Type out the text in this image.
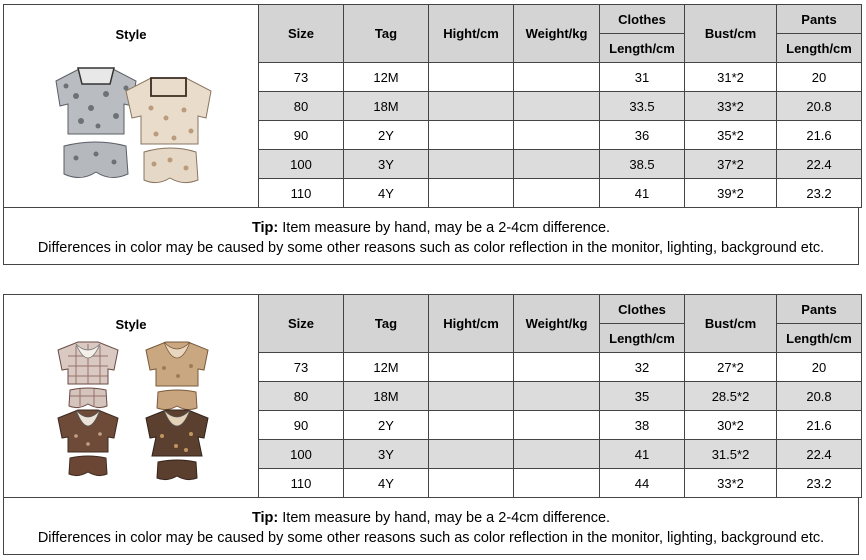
Style	Size	Tag	Hight/cm	Weight/kg	Clothes	Bust/cm	Pants
					Length/cm		Length/cm
	73	12M			31	31*2	20
	80	18M			33.5	33*2	20.8
	90	2Y			36	35*2	21.6
	100	3Y			38.5	37*2	22.4
	110	4Y			41	39*2	23.2
Tip: Item measure by hand, may be a 2-4cm difference.
Differences in color may be caused by some other reasons such as color reflection in the monitor, lighting, background etc.
Style	Size	Tag	Hight/cm	Weight/kg	Clothes	Bust/cm	Pants
					Length/cm		Length/cm
	73	12M			32	27*2	20
	80	18M			35	28.5*2	20.8
	90	2Y			38	30*2	21.6
	100	3Y			41	31.5*2	22.4
	110	4Y			44	33*2	23.2
Tip: Item measure by hand, may be a 2-4cm difference.
Differences in color may be caused by some other reasons such as color reflection in the monitor, lighting, background etc.
